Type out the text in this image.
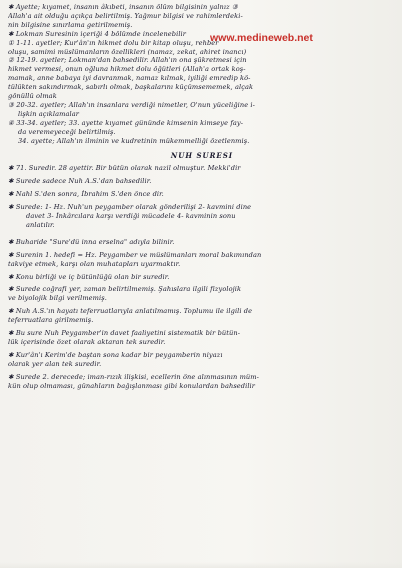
www.medineweb.net
✱ Ayette; kıyamet, insanın âkıbeti, insanın ölüm bilgisinin yalnız ③
Allah'a ait olduğu açıkça belirtilmiş. Yağmur bilgisi ve rahimlerdeki-
nin bilgisine sınırlama getirilmemiş.
✱ Lokman Suresinin içeriği 4 bölümde incelenebilir
① 1-11. ayetler; Kur'ân'ın hikmet dolu bir kitap oluşu, rehber
oluşu, samimi müslümanların özellikleri (namaz, zekat, ahiret inancı)
② 12-19. ayetler; Lokman'dan bahsedilir. Allah'ın ona şükretmesi için
hikmet vermesi, onun oğluna hikmet dolu öğütleri (Allah'a ortak koş-
mamak, anne babaya iyi davranmak, namaz kılmak, iyiliği emredip kö-
tülükten sakındırmak, sabırlı olmak, başkalarını küçümsememek, alçak
gönüllü olmak
③ 20-32. ayetler; Allah'ın insanlara verdiği nimetler, O'nun yüceliğine i-
lişkin açıklamalar
④ 33-34. ayetler; 33. ayette kıyamet gününde kimsenin kimseye fay-
da veremeyeceği belirtilmiş.
34. ayette; Allah'ın ilminin ve kudretinin mükemmelliği özetlenmiş.
NUH SURESİ
✱ 71. Suredir. 28 ayettir. Bir bütün olarak nazil olmuştur. Mekki'dir
✱ Surede sadece Nuh A.S.'dan bahsedilir.
✱ Nahl S.'den sonra, İbrahim S.'den önce dir.
✱ Surede: 1- Hz. Nuh'un peygamber olarak gönderilişi 2- kavmini dine
davet 3- İnkârcılara karşı verdiği mücadele 4- kavminin sonu
anlatılır.
✱ Buharide "Sure'dü inna erselna" adıyla bilinir.
✱ Surenin 1. hedefi = Hz. Peygamber ve müslümanları moral bakımından
takviye etmek, karşı olan muhatapları uyarmaktır.
✱ Konu birliği ve iç bütünlüğü olan bir suredir.
✱ Surede coğrafi yer, zaman belirtilmemiş. Şahıslara ilgili fizyolojik
ve biyolojik bilgi verilmemiş.
✱ Nuh A.S.'ın hayatı teferruatlarıyla anlatılmamış. Toplumu ile ilgili de
teferruatlara girilmemiş.
✱ Bu sure Nuh Peygamber'in davet faaliyetini sistematik bir bütün-
lük içerisinde özet olarak aktaran tek suredir.
✱ Kur'ân'ı Kerim'de baştan sona kadar bir peygamberin niyazı
olarak yer alan tek suredir.
✱ Surede 2. derecede; iman-rızık ilişkisi, ecellerin öne alınmasının müm-
kün olup olmaması, günahların bağışlanması gibi konulardan bahsedilir
